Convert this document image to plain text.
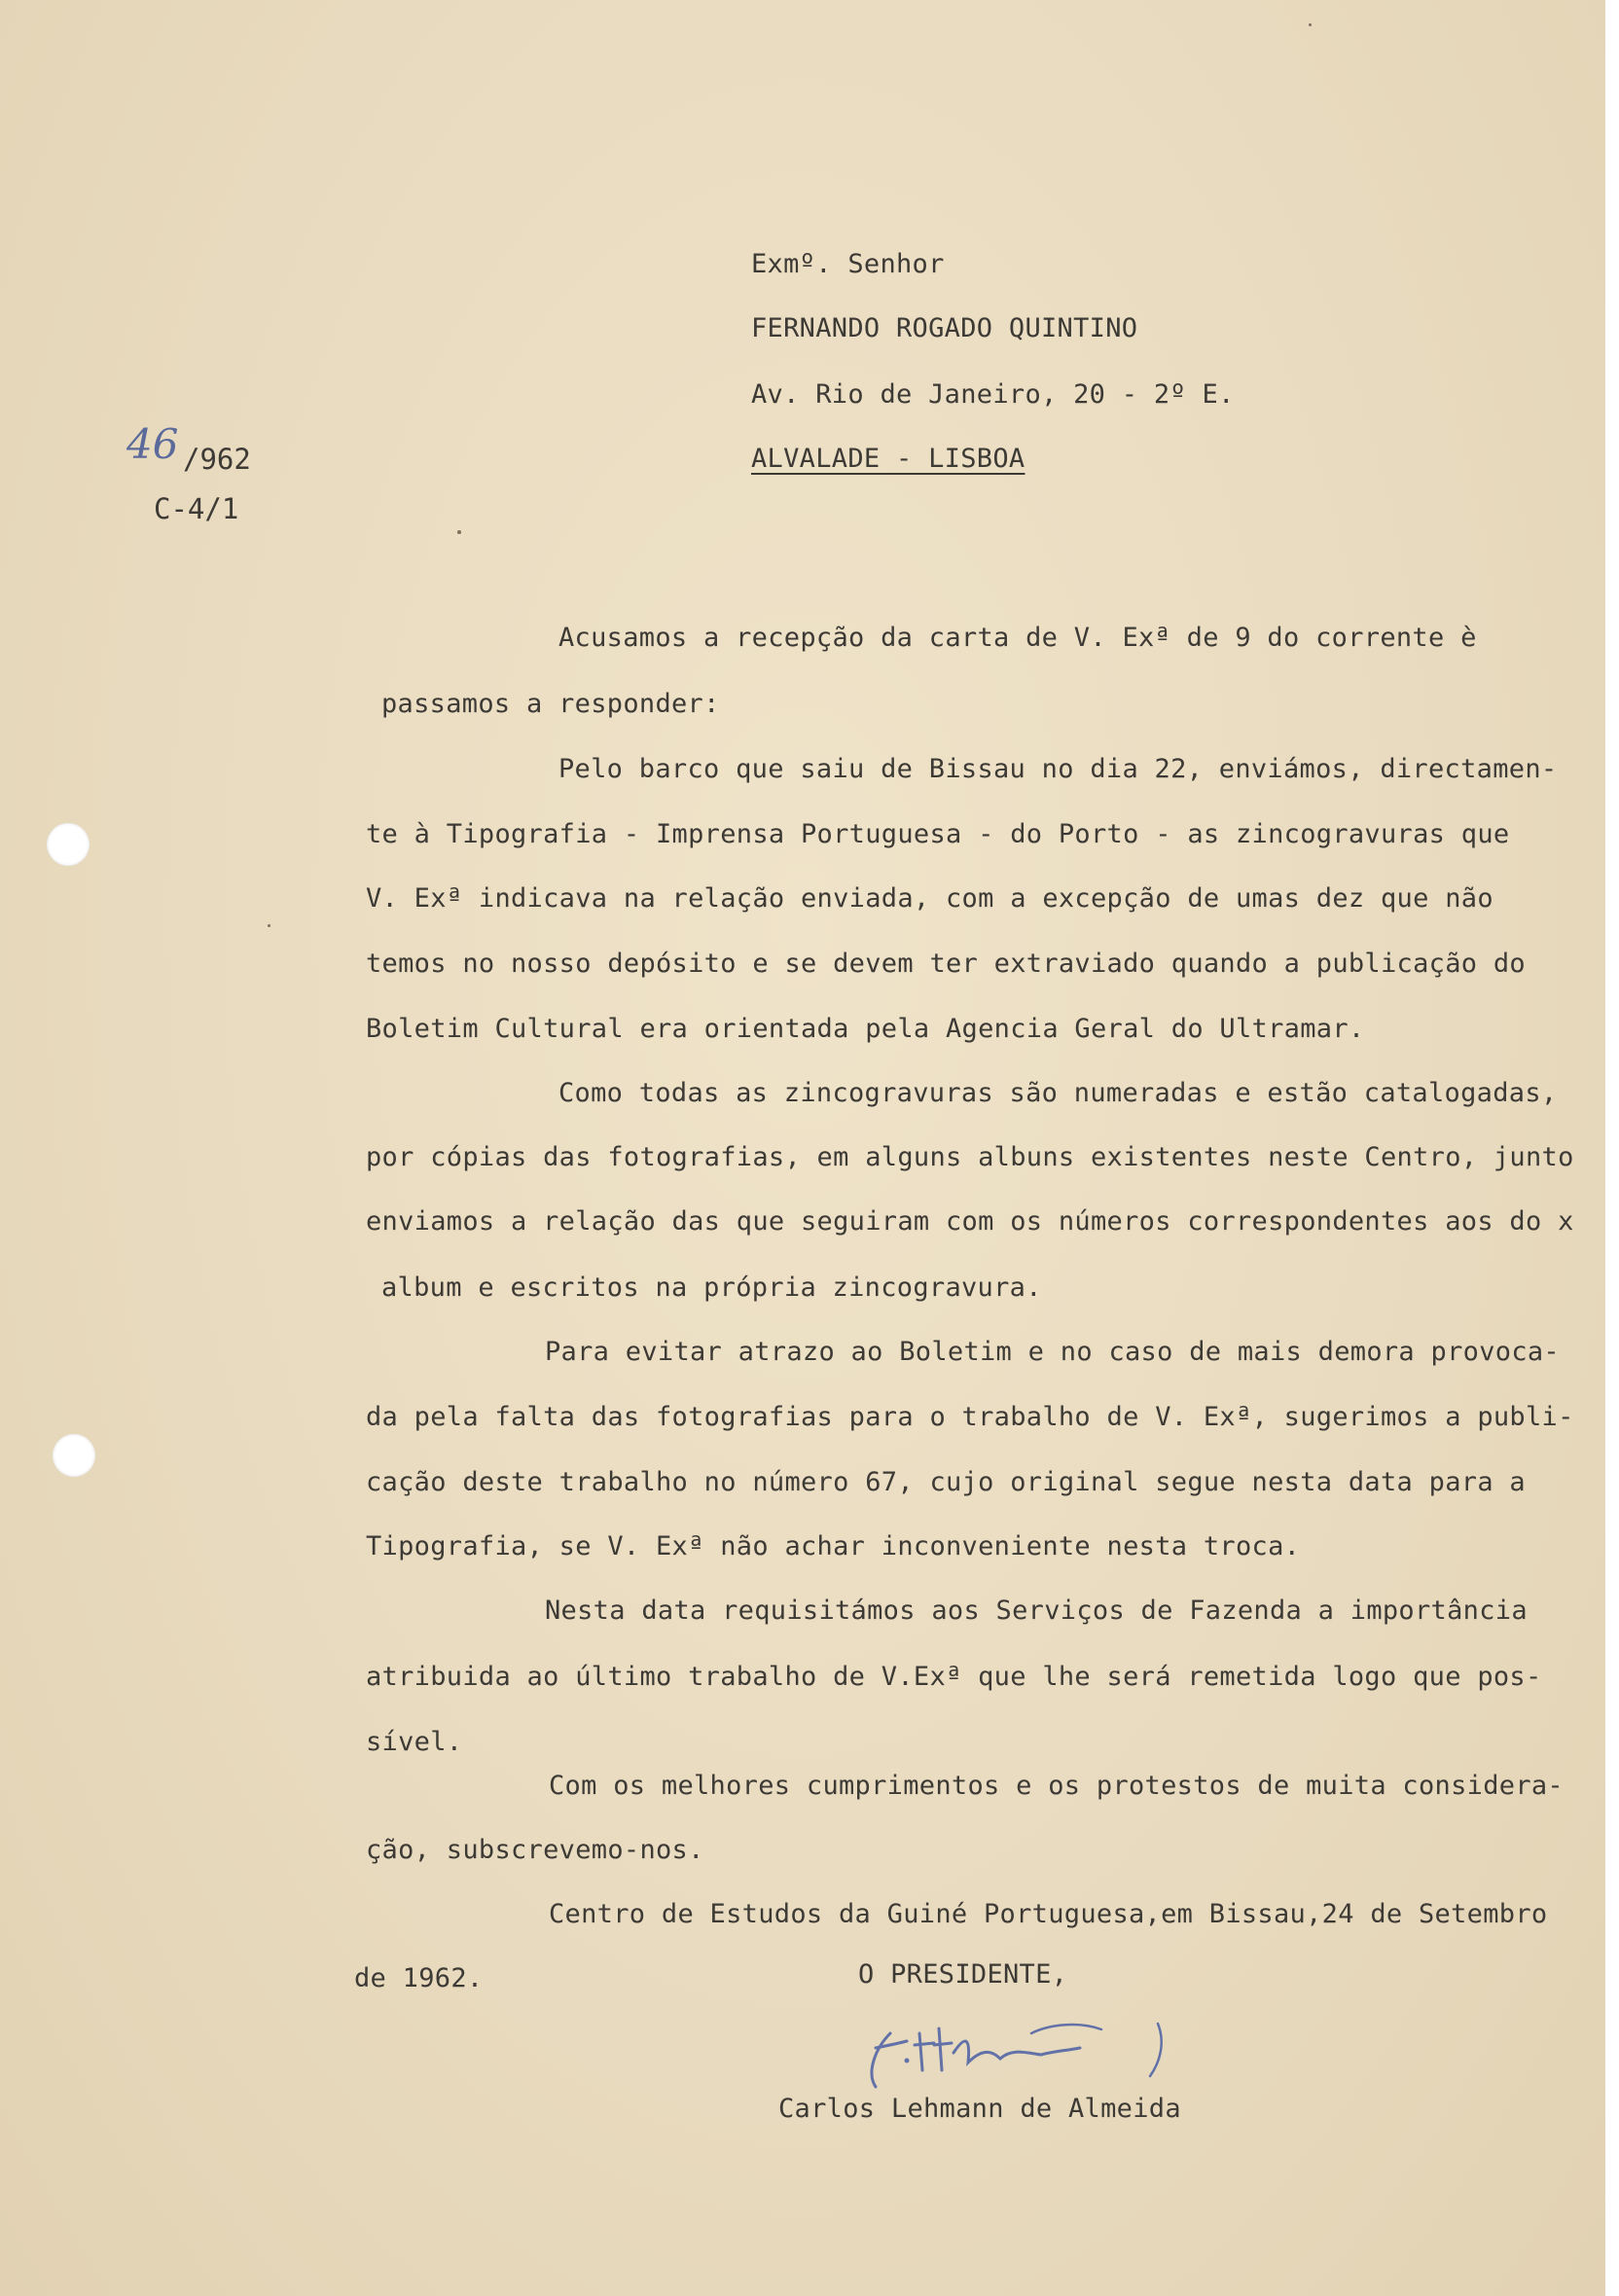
46 /962
C-4/1
Exmº. Senhor
FERNANDO ROGADO QUINTINO
Av. Rio de Janeiro, 20 - 2º E.
ALVALADE - LISBOA
Acusamos a recepção da carta de V. Exª de 9 do corrente è
passamos a responder:
Pelo barco que saiu de Bissau no dia 22, enviámos, directamen-
te à Tipografia - Imprensa Portuguesa - do Porto - as zincogravuras que
V. Exª indicava na relação enviada, com a excepção de umas dez que não
temos no nosso depósito e se devem ter extraviado quando a publicação do
Boletim Cultural era orientada pela Agencia Geral do Ultramar.
Como todas as zincogravuras são numeradas e estão catalogadas,
por cópias das fotografias, em alguns albuns existentes neste Centro, junto
enviamos a relação das que seguiram com os números correspondentes aos do x
album e escritos na própria zincogravura.
Para evitar atrazo ao Boletim e no caso de mais demora provoca-
da pela falta das fotografias para o trabalho de V. Exª, sugerimos a publi-
cação deste trabalho no número 67, cujo original segue nesta data para a
Tipografia, se V. Exª não achar inconveniente nesta troca.
Nesta data requisitámos aos Serviços de Fazenda a importância
atribuida ao último trabalho de V.Exª que lhe será remetida logo que pos-
sível.
Com os melhores cumprimentos e os protestos de muita considera-
ção, subscrevemo-nos.
Centro de Estudos da Guiné Portuguesa,em Bissau,24 de Setembro
de 1962.	O PRESIDENTE,
Carlos Lehmann de Almeida
